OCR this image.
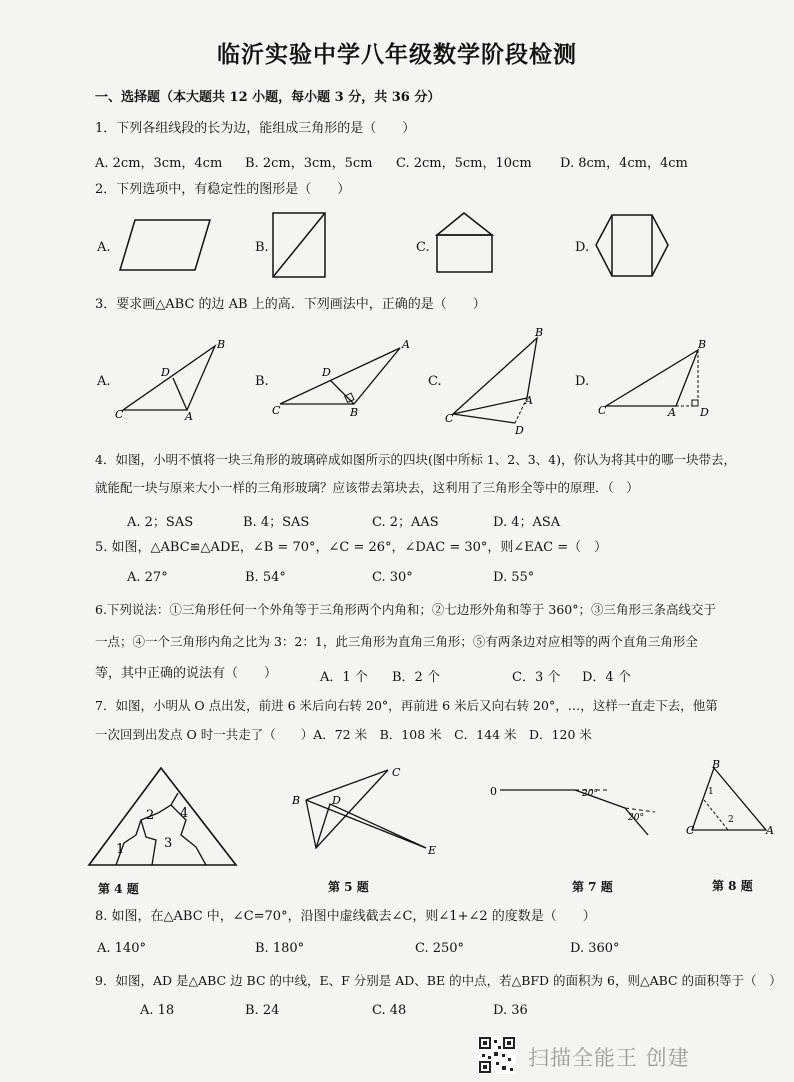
临沂实验中学八年级数学阶段检测
一、选择题（本大题共 12 小题，每小题 3 分，共 36 分）
1．下列各组线段的长为边，能组成三角形的是（　　）
A. 2cm，3cm，4cm B. 2cm，3cm，5cm C. 2cm，5cm，10cm D. 8cm，4cm，4cm
2．下列选项中，有稳定性的图形是（　　）
A.	B.	C.	D.
3．要求画△ABC 的边 AB 上的高．下列画法中，正确的是（　　）
A.	B.	C.	D.
C
B
A
D
C
A
B
D
C
B
A
D
C
B
A D
4．如图，小明不慎将一块三角形的玻璃碎成如图所示的四块(图中所标 1、2、3、4)，你认为将其中的哪一块带去，
就能配一块与原来大小一样的三角形玻璃？应该带去第块去，这利用了三角形全等中的原理．（　）
A. 2；SAS	B. 4；SAS	C. 2；AAS	D. 4；ASA
5. 如图，△ABC≌△ADE，∠B = 70°，∠C = 26°，∠DAC = 30°，则∠EAC =（　）
A. 27°	B. 54°	C. 30°	D. 55°
6.下列说法：①三角形任何一个外角等于三角形两个内角和；②七边形外角和等于 360°；③三角形三条高线交于
一点；④一个三角形内角之比为 3：2：1，此三角形为直角三角形；⑤有两条边对应相等的两个直角三角形全
等，其中正确的说法有（　　）	A．1 个 B．2 个	C．3 个 D．4 个
7．如图，小明从 O 点出发，前进 6 米后向右转 20°，再前进 6 米后又向右转 20°，…，这样一直走下去，他第
一次回到出发点 O 时一共走了（　　）A．72 米　B．108 米　C．144 米　D．120 米
1
2
3
4
B
C
D
E
0	20°
20°
B
C	A
1
2
第 4 题	第 5 题	第 7 题	第 8 题
8. 如图，在△ABC 中，∠C=70°，沿图中虚线截去∠C，则∠1+∠2 的度数是（　　）
A. 140°	B. 180°	C. 250°	D. 360°
9．如图，AD 是△ABC 边 BC 的中线，E、F 分别是 AD、BE 的中点，若△BFD 的面积为 6，则△ABC 的面积等于（　）
A. 18	B. 24	C. 48	D. 36
扫描全能王 创建
